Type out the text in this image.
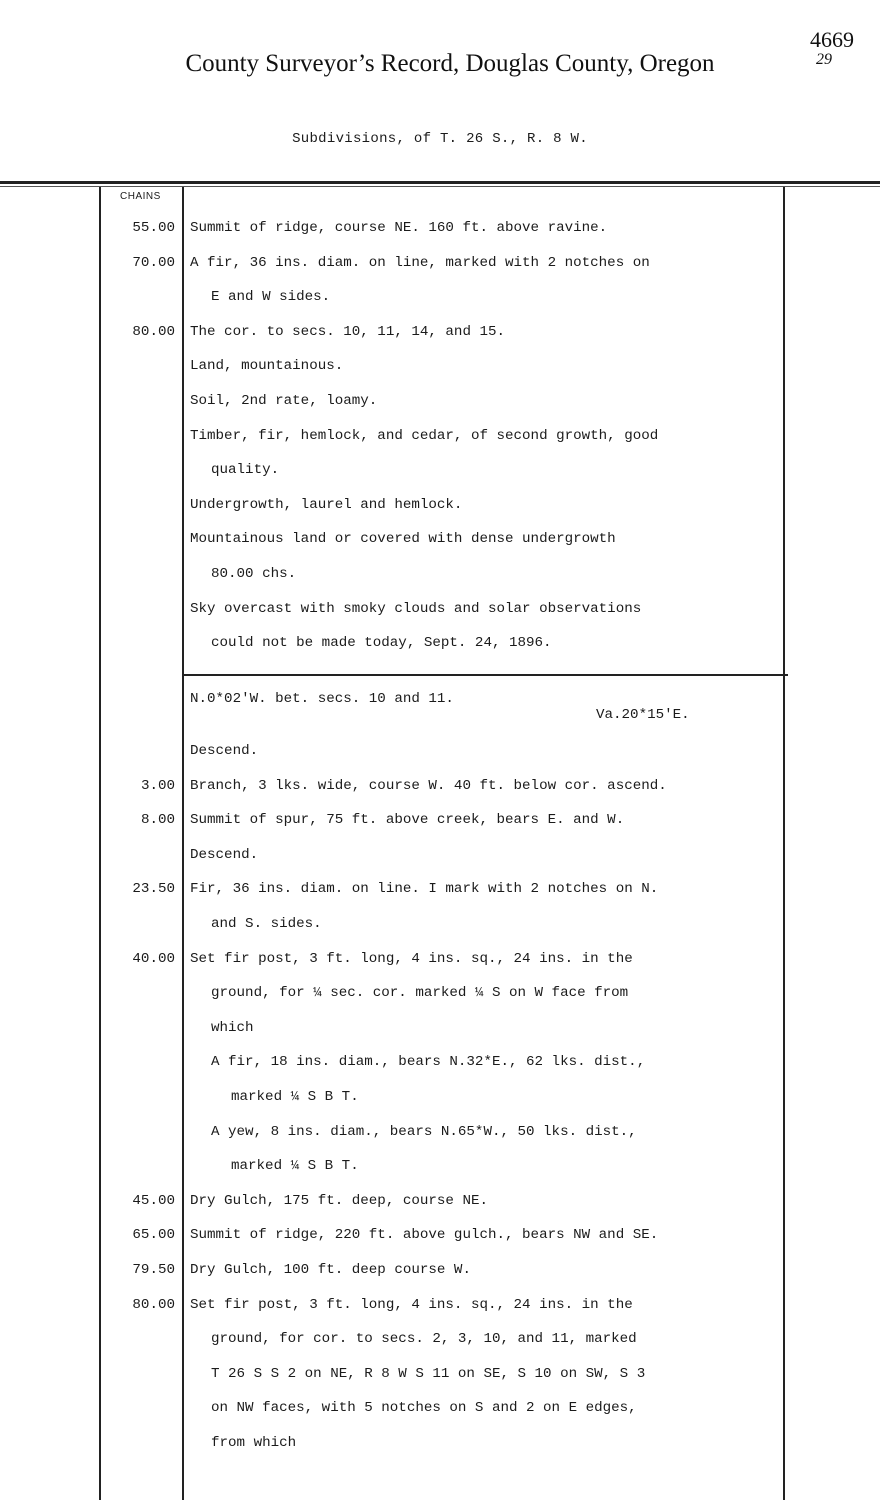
County Surveyor’s Record, Douglas County, Oregon
4669
29
Subdivisions, of T. 26 S., R. 8 W.
CHAINS
55.00 Summit of ridge, course NE. 160 ft. above ravine.
70.00 A fir, 36 ins. diam. on line, marked with 2 notches on
E and W sides.
80.00 The cor. to secs. 10, 11, 14, and 15.
Land, mountainous.
Soil, 2nd rate, loamy.
Timber, fir, hemlock, and cedar, of second growth, good
quality.
Undergrowth, laurel and hemlock.
Mountainous land or covered with dense undergrowth
80.00 chs.
Sky overcast with smoky clouds and solar observations
could not be made today, Sept. 24, 1896.
N.0*02'W. bet. secs. 10 and 11.
Va.20*15'E.
Descend.
3.00 Branch, 3 lks. wide, course W. 40 ft. below cor. ascend.
8.00 Summit of spur, 75 ft. above creek, bears E. and W.
Descend.
23.50 Fir, 36 ins. diam. on line. I mark with 2 notches on N.
and S. sides.
40.00 Set fir post, 3 ft. long, 4 ins. sq., 24 ins. in the
ground, for ¼ sec. cor. marked ¼ S on W face from
which
A fir, 18 ins. diam., bears N.32*E., 62 lks. dist.,
marked ¼ S B T.
A yew, 8 ins. diam., bears N.65*W., 50 lks. dist.,
marked ¼ S B T.
45.00 Dry Gulch, 175 ft. deep, course NE.
65.00 Summit of ridge, 220 ft. above gulch., bears NW and SE.
79.50 Dry Gulch, 100 ft. deep course W.
80.00 Set fir post, 3 ft. long, 4 ins. sq., 24 ins. in the
ground, for cor. to secs. 2, 3, 10, and 11, marked
T 26 S S 2 on NE, R 8 W S 11 on SE, S 10 on SW, S 3
on NW faces, with 5 notches on S and 2 on E edges,
from which
